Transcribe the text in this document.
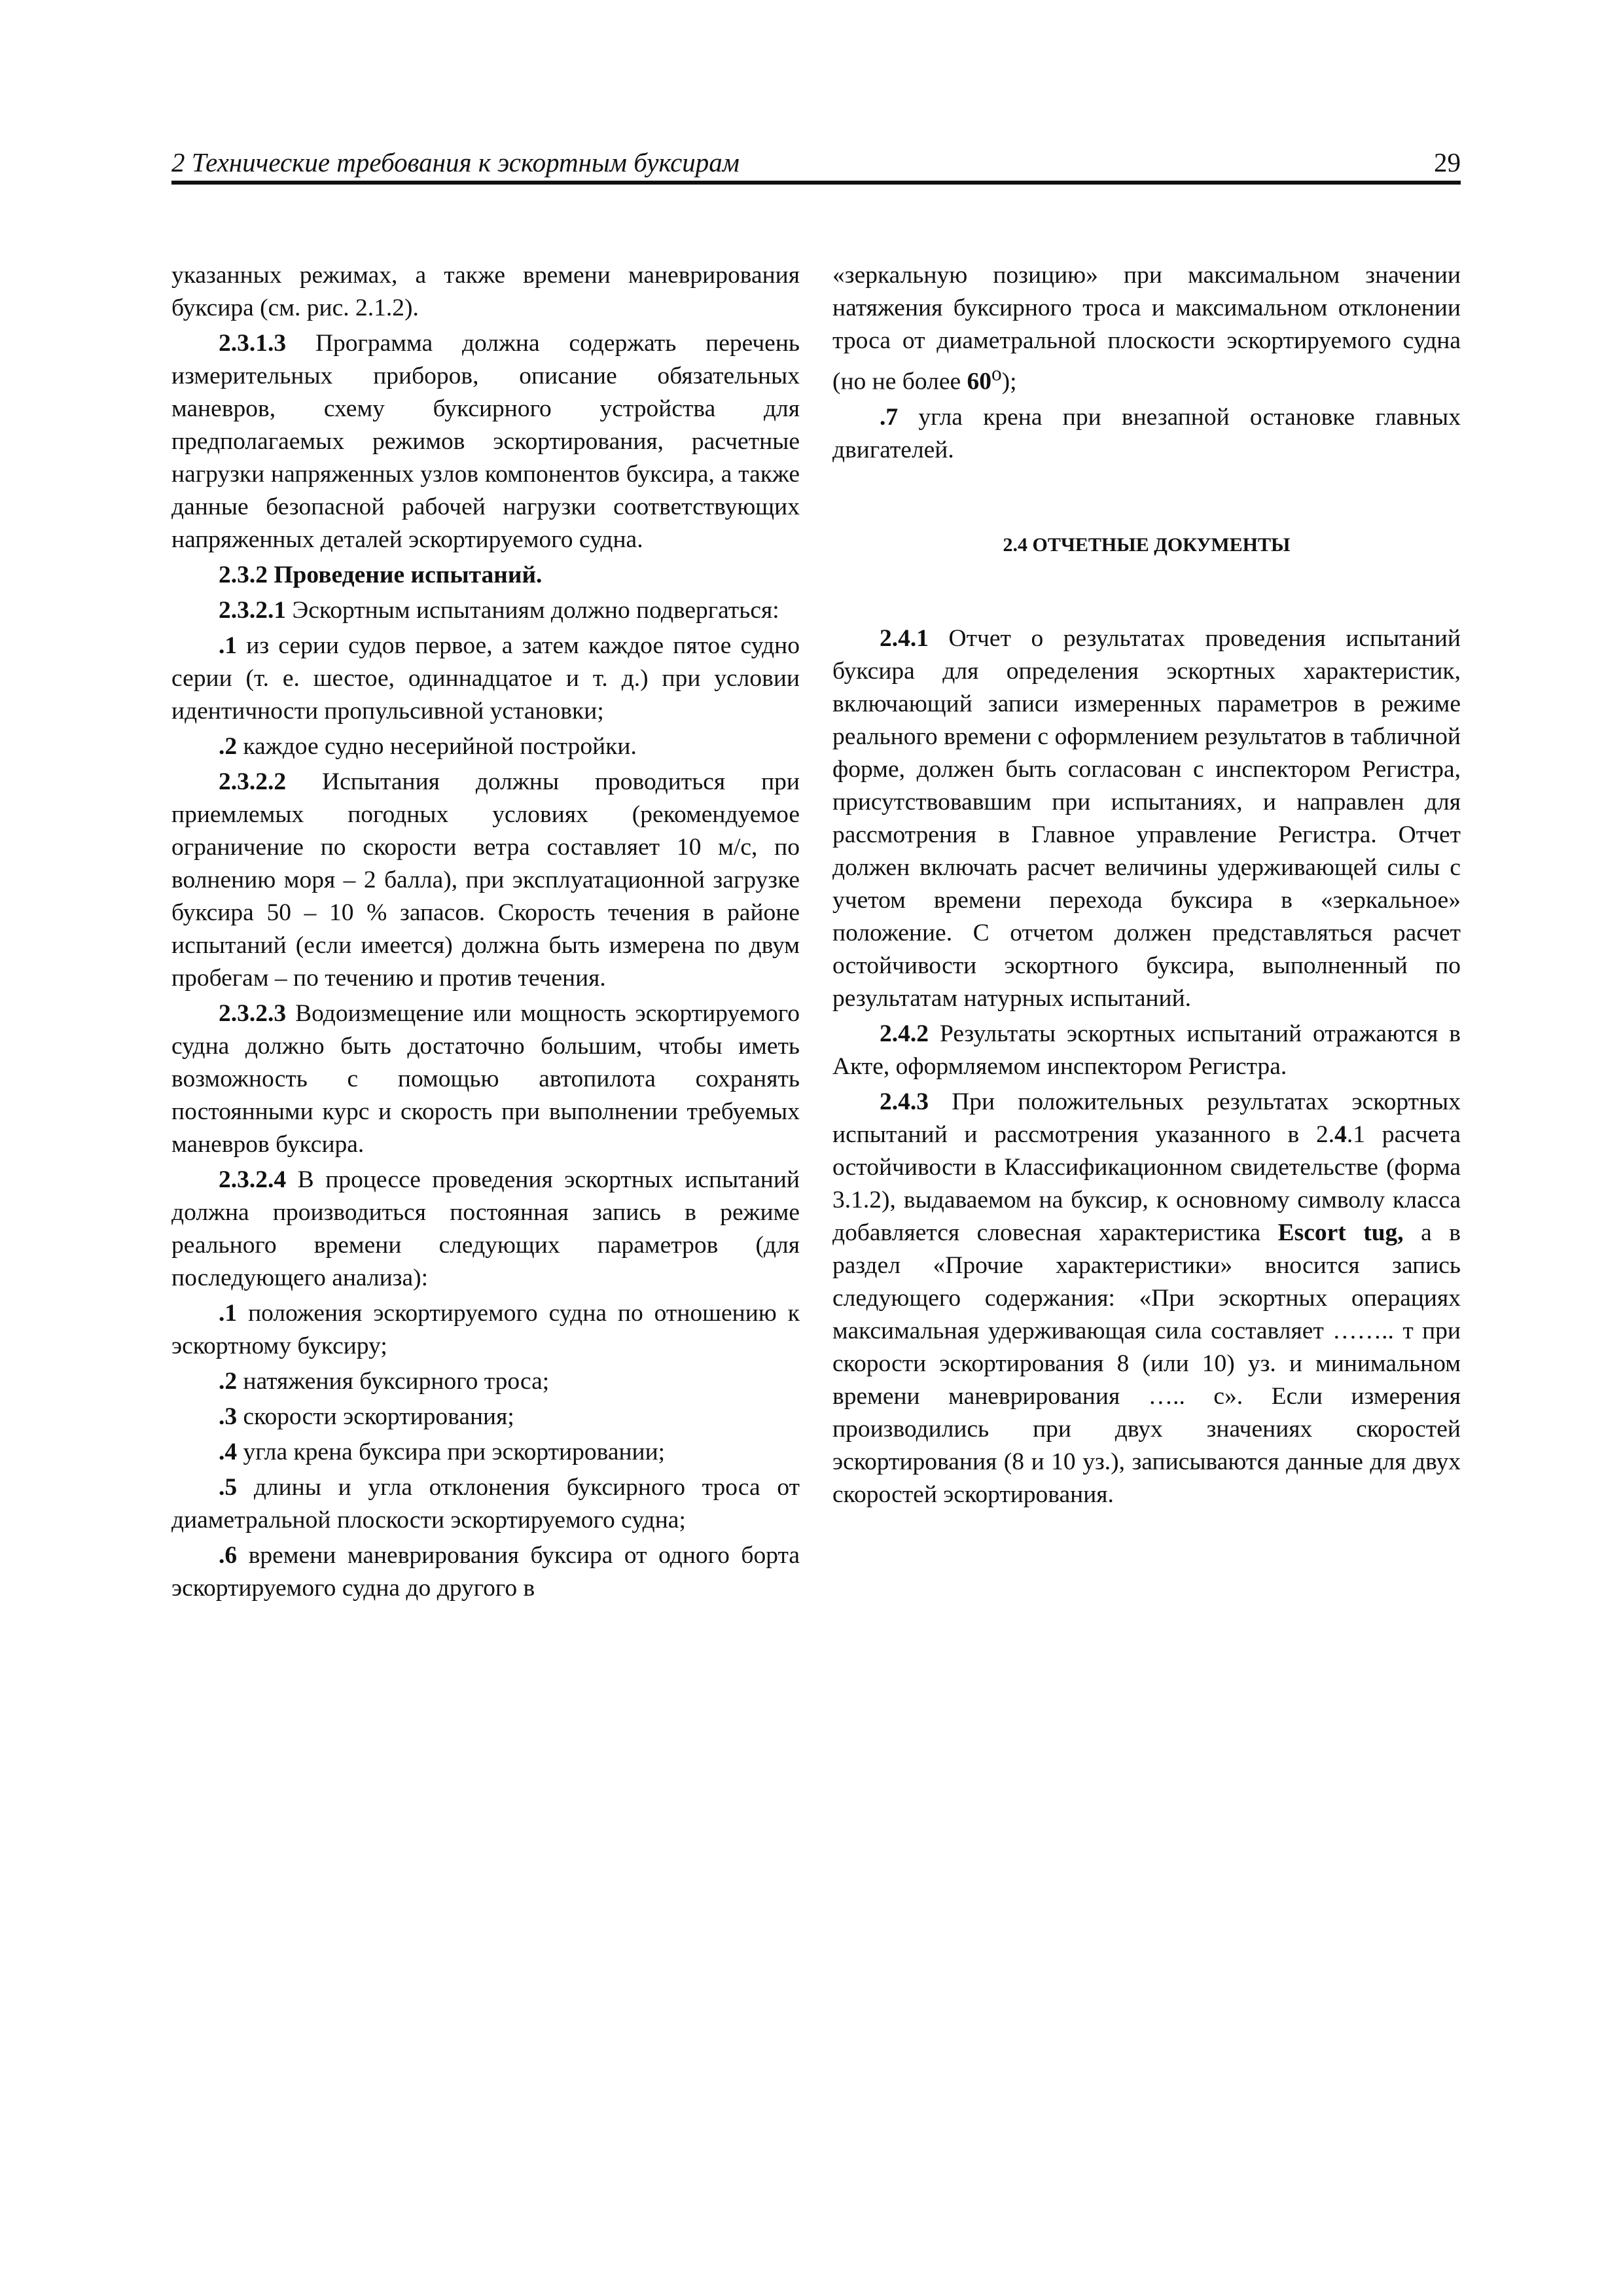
2 Технические требования к эскортным буксирам	29

указанных режимах, а также времени маневрирования буксира (см. рис. 2.1.2).

2.3.1.3 Программа должна содержать перечень измерительных приборов, описание обязательных маневров, схему буксирного устройства для предполагаемых режимов эскортирования, расчетные нагрузки напряженных узлов компонентов буксира, а также данные безопасной рабочей нагрузки соответствующих напряженных деталей эскортируемого судна.

2.3.2 Проведение испытаний.

2.3.2.1 Эскортным испытаниям должно подвергаться:

.1 из серии судов первое, а затем каждое пятое судно серии (т. е. шестое, одиннадцатое и т. д.) при условии идентичности пропульсивной установки;

.2 каждое судно несерийной постройки.

2.3.2.2 Испытания должны проводиться при приемлемых погодных условиях (рекомендуемое ограничение по скорости ветра составляет 10 м/с, по волнению моря – 2 балла), при эксплуатационной загрузке буксира 50 – 10 % запасов. Скорость течения в районе испытаний (если имеется) должна быть измерена по двум пробегам – по течению и против течения.

2.3.2.3 Водоизмещение или мощность эскортируемого судна должно быть достаточно большим, чтобы иметь возможность с помощью автопилота сохранять постоянными курс и скорость при выполнении требуемых маневров буксира.

2.3.2.4 В процессе проведения эскортных испытаний должна производиться постоянная запись в режиме реального времени следующих параметров (для последующего анализа):

.1 положения эскортируемого судна по отношению к эскортному буксиру;

.2 натяжения буксирного троса;

.3 скорости эскортирования;

.4 угла крена буксира при эскортировании;

.5 длины и угла отклонения буксирного троса от диаметральной плоскости эскортируемого судна;

.6 времени маневрирования буксира от одного борта эскортируемого судна до другого в

«зеркальную позицию» при максимальном значении натяжения буксирного троса и максимальном отклонении троса от диаметральной плоскости эскортируемого судна (но не более 60$^o$);

.7 угла крена при внезапной остановке главных двигателей.

2.4 ОТЧЕТНЫЕ ДОКУМЕНТЫ

2.4.1 Отчет о результатах проведения испытаний буксира для определения эскортных характеристик, включающий записи измеренных параметров в режиме реального времени с оформлением результатов в табличной форме, должен быть согласован с инспектором Регистра, присутствовавшим при испытаниях, и направлен для рассмотрения в Главное управление Регистра. Отчет должен включать расчет величины удерживающей силы с учетом времени перехода буксира в «зеркальное» положение. С отчетом должен представляться расчет остойчивости эскортного буксира, выполненный по результатам натурных испытаний.

2.4.2 Результаты эскортных испытаний отражаются в Акте, оформляемом инспектором Регистра.

2.4.3 При положительных результатах эскортных испытаний и рассмотрения указанного в 2.4.1 расчета остойчивости в Классификационном свидетельстве (форма 3.1.2), выдаваемом на буксир, к основному символу класса добавляется словесная характеристика Escort tug, а в раздел «Прочие характеристики» вносится запись следующего содержания: «При эскортных операциях максимальная удерживающая сила составляет …….. т при скорости эскортирования 8 (или 10) уз. и минимальном времени маневрирования ….. с». Если измерения производились при двух значениях скоростей эскортирования (8 и 10 уз.), записываются данные для двух скоростей эскортирования.
